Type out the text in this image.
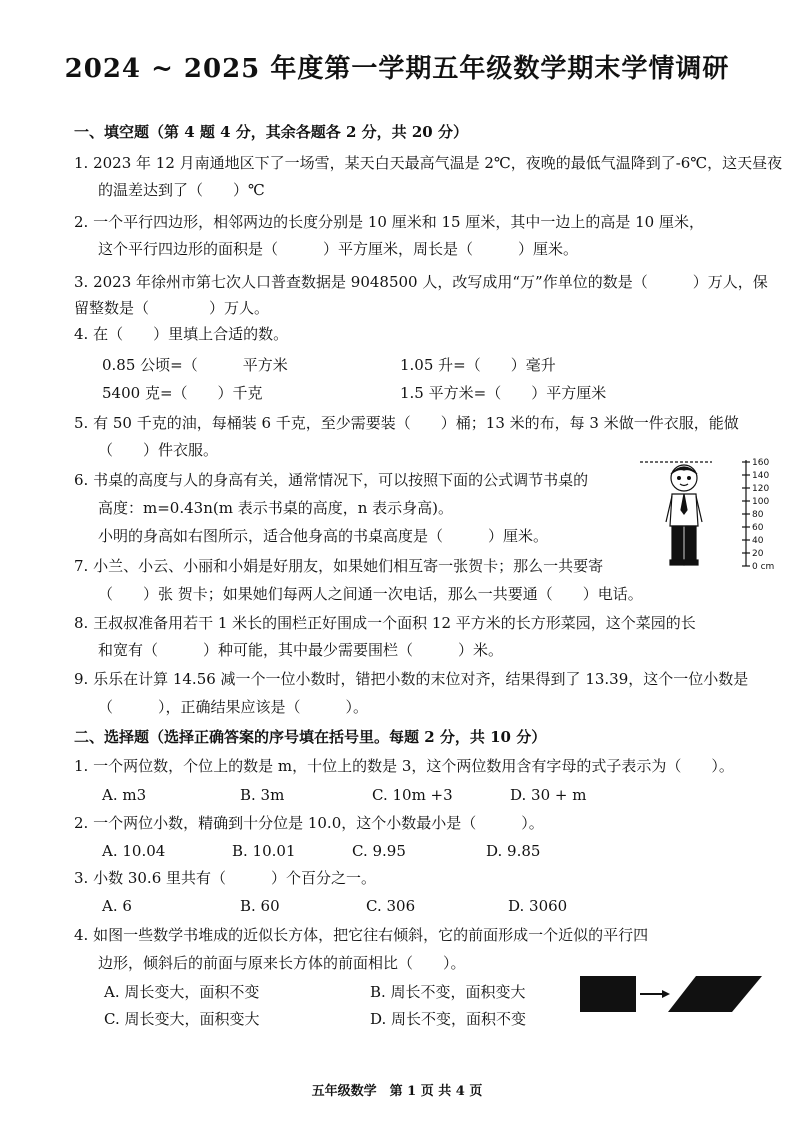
2024 ~ 2025 年度第一学期五年级数学期末学情调研
一、填空题（第 4 题 4 分，其余各题各 2 分，共 20 分）
1. 2023 年 12 月南通地区下了一场雪，某天白天最高气温是 2℃，夜晚的最低气温降到了-6℃，这天昼夜
的温差达到了（　　）℃
2. 一个平行四边形，相邻两边的长度分别是 10 厘米和 15 厘米，其中一边上的高是 10 厘米，
这个平行四边形的面积是（　　　）平方厘米，周长是（　　　）厘米。
3. 2023 年徐州市第七次人口普查数据是 9048500 人，改写成用“万”作单位的数是（　　　）万人，保
留整数是（　　　　）万人。
4. 在（　　）里填上合适的数。
0.85 公顷=（　　　平方米	1.05 升=（　　）毫升
5400 克=（　　）千克	1.5 平方米=（　　）平方厘米
5. 有 50 千克的油，每桶装 6 千克，至少需要装（　　）桶；13 米的布，每 3 米做一件衣服，能做
（　　）件衣服。
6. 书桌的高度与人的身高有关，通常情况下，可以按照下面的公式调节书桌的
高度：m=0.43n(m 表示书桌的高度，n 表示身高)。
小明的身高如右图所示，适合他身高的书桌高度是（　　　）厘米。
160
140
120
100
80
60
40
20
0 cm
7. 小兰、小云、小丽和小娟是好朋友，如果她们相互寄一张贺卡；那么一共要寄
（　　）张 贺卡；如果她们每两人之间通一次电话，那么一共要通（　　）电话。
8. 王叔叔准备用若干 1 米长的围栏正好围成一个面积 12 平方米的长方形菜园，这个菜园的长
和宽有（　　　）种可能，其中最少需要围栏（　　　）米。
9. 乐乐在计算 14.56 减一个一位小数时，错把小数的末位对齐，结果得到了 13.39，这个一位小数是
（　　　），正确结果应该是（　　　）。
二、选择题（选择正确答案的序号填在括号里。每题 2 分，共 10 分）
1. 一个两位数，个位上的数是 m，十位上的数是 3，这个两位数用含有字母的式子表示为（　　）。
A. m3	B. 3m	C. 10m +3	D. 30 + m
2. 一个两位小数，精确到十分位是 10.0，这个小数最小是（　　　）。
A. 10.04	B. 10.01	C. 9.95	D. 9.85
3. 小数 30.6 里共有（　　　）个百分之一。
A. 6	B. 60	C. 306	D. 3060
4. 如图一些数学书堆成的近似长方体，把它往右倾斜，它的前面形成一个近似的平行四
边形，倾斜后的前面与原来长方体的前面相比（　　）。
A. 周长变大，面积不变	B. 周长不变，面积变大
C. 周长变大，面积变大	D. 周长不变，面积不变
五年级数学　第 1 页 共 4 页
